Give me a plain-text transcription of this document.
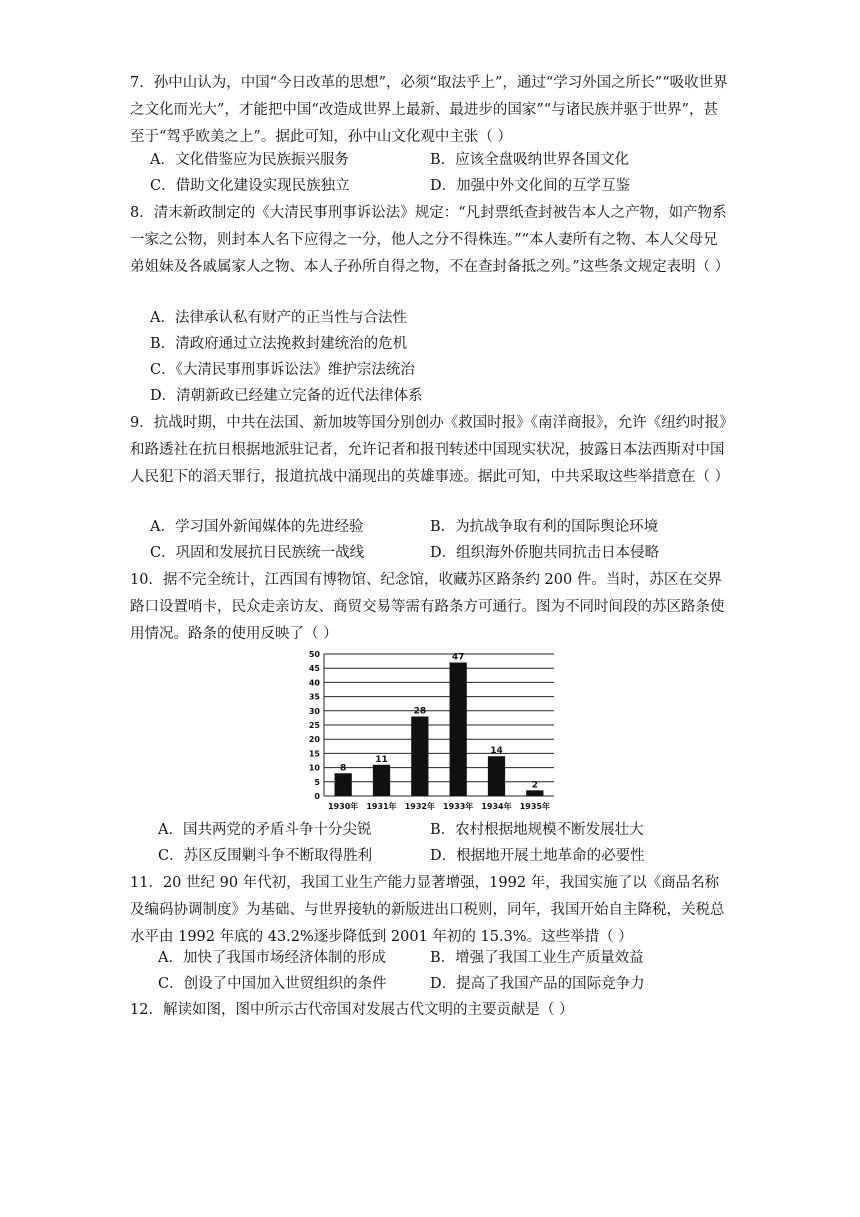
7．孙中山认为，中国“今日改革的思想”，必须“取法乎上”，通过“学习外国之所长”“吸收世界之文化而光大”，才能把中国“改造成世界上最新、最进步的国家”“与诸民族并驱于世界”，甚至于“驾乎欧美之上”。据此可知，孙中山文化观中主张（ ）
A．文化借鉴应为民族振兴服务	B．应该全盘吸纳世界各国文化
C．借助文化建设实现民族独立	D．加强中外文化间的互学互鉴
8．清末新政制定的《大清民事刑事诉讼法》规定：“凡封票纸查封被告本人之产物，如产物系一家之公物，则封本人名下应得之一分，他人之分不得株连。”“本人妻所有之物、本人父母兄弟姐妹及各戚属家人之物、本人子孙所自得之物，不在查封备抵之列。”这些条文规定表明（ ）
A．法律承认私有财产的正当性与合法性
B．清政府通过立法挽救封建统治的危机
C．《大清民事刑事诉讼法》维护宗法统治
D．清朝新政已经建立完备的近代法律体系
9．抗战时期，中共在法国、新加坡等国分别创办《救国时报》《南洋商报》，允许《纽约时报》和路透社在抗日根据地派驻记者，允许记者和报刊转述中国现实状况，披露日本法西斯对中国人民犯下的滔天罪行，报道抗战中涌现出的英雄事迹。据此可知，中共采取这些举措意在（ ）
A．学习国外新闻媒体的先进经验	B．为抗战争取有利的国际舆论环境
C．巩固和发展抗日民族统一战线	D．组织海外侨胞共同抗击日本侵略
10．据不完全统计，江西国有博物馆、纪念馆，收藏苏区路条约 200 件。当时，苏区在交界路口设置哨卡，民众走亲访友、商贸交易等需有路条方可通行。图为不同时间段的苏区路条使用情况。路条的使用反映了（ ）
0
5
10
15
20
25
30
35
40
45
50
8
1930年
11
1931年
28
1932年
47
1933年
14
1934年
2
1935年
A．国共两党的矛盾斗争十分尖锐	B．农村根据地规模不断发展壮大
C．苏区反围剿斗争不断取得胜利	D．根据地开展土地革命的必要性
11．20 世纪 90 年代初，我国工业生产能力显著增强，1992 年，我国实施了以《商品名称及编码协调制度》为基础、与世界接轨的新版进出口税则，同年，我国开始自主降税，关税总水平由 1992 年底的 43.2%逐步降低到 2001 年初的 15.3%。这些举措（ ）
A．加快了我国市场经济体制的形成	B．增强了我国工业生产质量效益
C．创设了中国加入世贸组织的条件	D．提高了我国产品的国际竞争力
12．解读如图，图中所示古代帝国对发展古代文明的主要贡献是（ ）
